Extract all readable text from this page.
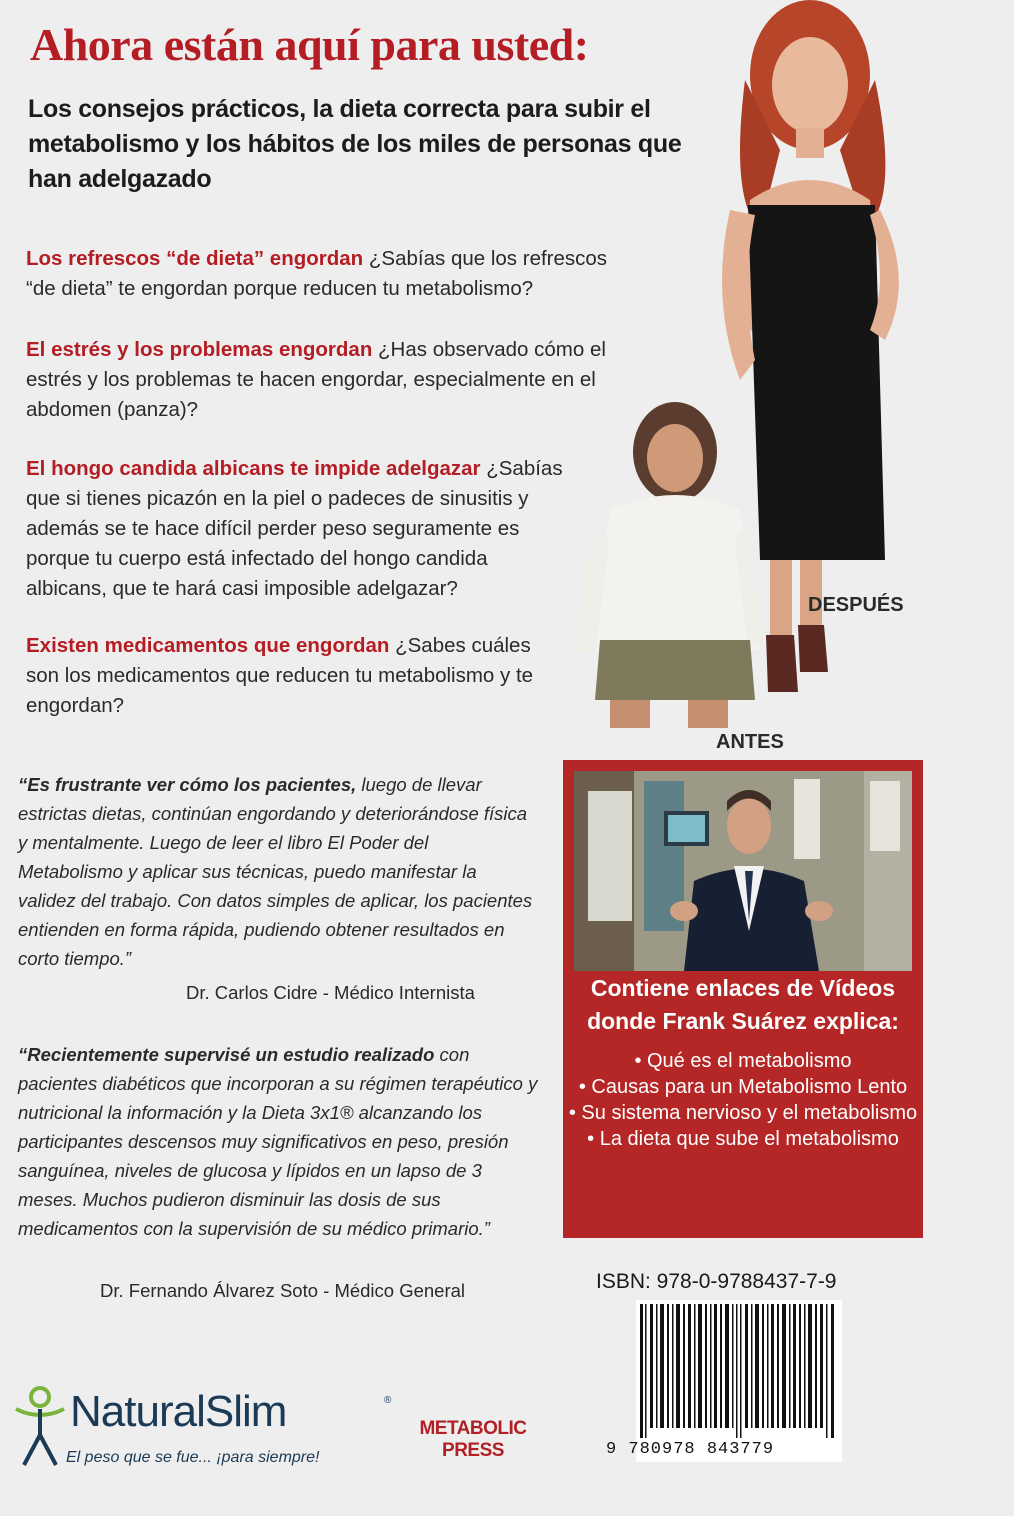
Ahora están aquí para usted:
Los consejos prácticos, la dieta correcta para subir el metabolismo y los hábitos de los miles de personas que han adelgazado
Los refrescos “de dieta” engordan ¿Sabías que los refrescos “de dieta” te engordan porque reducen tu metabolismo?
El estrés y los problemas engordan ¿Has observado cómo el estrés y los problemas te hacen engordar, especialmente en el abdomen (panza)?
El hongo candida albicans te impide adelgazar ¿Sabías que si tienes picazón en la piel o padeces de sinusitis y además se te hace difícil perder peso seguramente es porque tu cuerpo está infectado del hongo candida albicans, que te hará casi imposible adelgazar?
Existen medicamentos que engordan ¿Sabes cuáles son los medicamentos que reducen tu metabolismo y te engordan?
DESPUÉS
ANTES
“Es frustrante ver cómo los pacientes, luego de llevar estrictas dietas, continúan engordando y deteriorándose física y mentalmente. Luego de leer el libro El Poder del Metabolismo y aplicar sus técnicas, puedo manifestar la validez del trabajo. Con datos simples de aplicar, los pacientes entienden en forma rápida, pudiendo obtener resultados en corto tiempo.”
Dr. Carlos Cidre - Médico Internista
“Recientemente supervisé un estudio realizado con pacientes diabéticos que incorporan a su régimen terapéutico y nutricional la información y la Dieta 3x1® alcanzando los participantes descensos muy significativos en peso, presión sanguínea, niveles de glucosa y lípidos en un lapso de 3 meses. Muchos pudieron disminuir las dosis de sus medicamentos con la supervisión de su médico primario.”
Dr. Fernando Álvarez Soto - Médico General
Contiene enlaces de Vídeos donde Frank Suárez explica:
• Qué es el metabolismo
• Causas para un Metabolismo Lento
• Su sistema nervioso y el metabolismo
• La dieta que sube el metabolismo
ISBN: 978-0-9788437-7-9
9 780978 843779
NaturalSlim	®
El peso que se fue... ¡para siempre!
METABOLIC
PRESS
